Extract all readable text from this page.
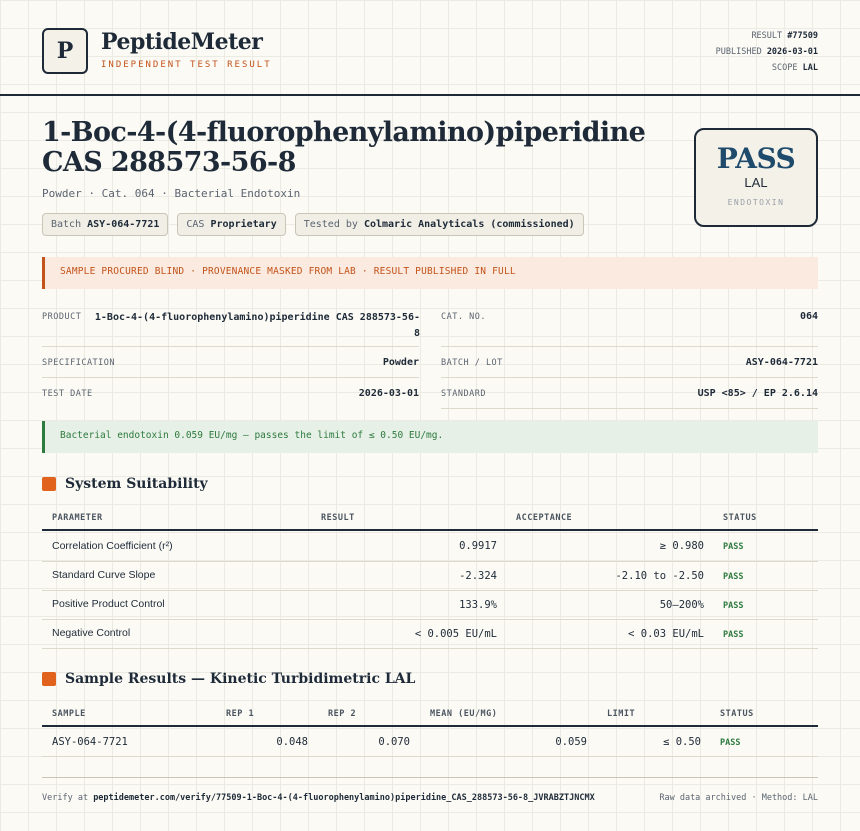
P PeptideMeter
INDEPENDENT TEST RESULT
RESULT #77509
PUBLISHED 2026-03-01
SCOPE LAL
1-Boc-4-(4-fluorophenylamino)piperidine CAS 288573-56-8
Powder · Cat. 064 · Bacterial Endotoxin
Batch ASY-064-7721	CAS Proprietary	Tested by Colmaric Analyticals (commissioned)
PASS
LAL
ENDOTOXIN
SAMPLE PROCURED BLIND · PROVENANCE MASKED FROM LAB · RESULT PUBLISHED IN FULL
PRODUCT	1-Boc-4-(4-fluorophenylamino)piperidine CAS 288573-56-8
CAT. NO.	064
SPECIFICATION	Powder	BATCH / LOT	ASY-064-7721
TEST DATE	2026-03-01	STANDARD	USP <85> / EP 2.6.14
Bacterial endotoxin 0.059 EU/mg — passes the limit of ≤ 0.50 EU/mg.
System Suitability
PARAMETER	RESULT	ACCEPTANCE	STATUS
Correlation Coefficient (r²)	0.9917	≥ 0.980 PASS
Standard Curve Slope	-2.324	-2.10 to -2.50 PASS
Positive Product Control	133.9%	50–200% PASS
Negative Control	< 0.005 EU/mL	< 0.03 EU/mL PASS
Sample Results — Kinetic Turbidimetric LAL
SAMPLE	REP 1	REP 2	MEAN (EU/MG)	LIMIT	STATUS
ASY-064-7721	0.048	0.070	0.059	≤ 0.50 PASS
Verify at peptidemeter.com/verify/77509-1-Boc-4-(4-fluorophenylamino)piperidine_CAS_288573-56-8_JVRABZTJNCMX	Raw data archived · Method: LAL
